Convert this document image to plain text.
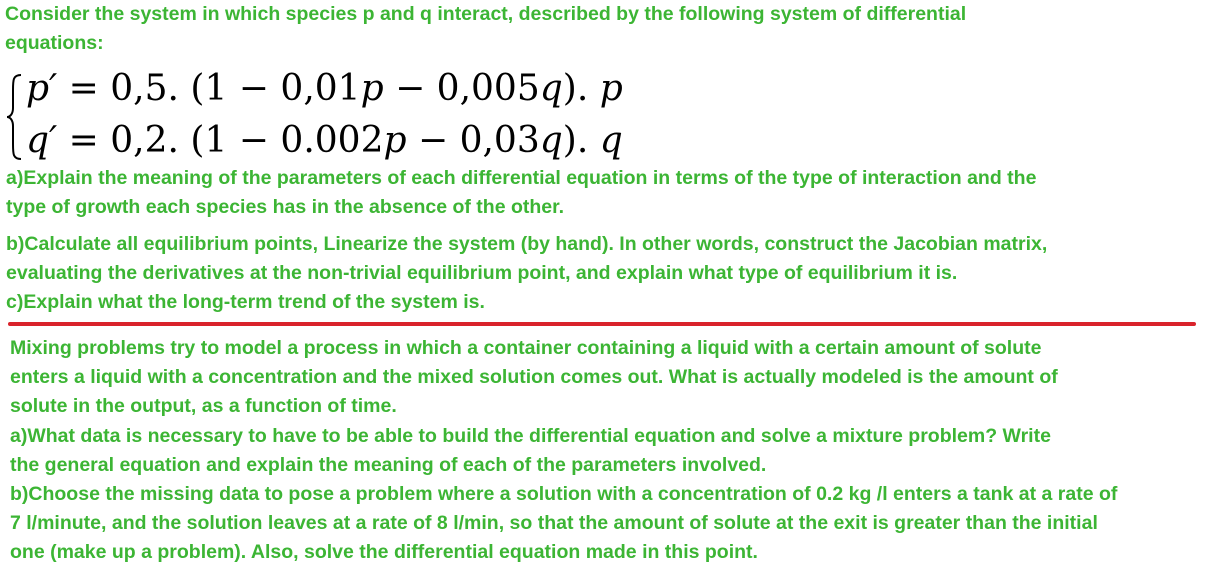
Consider the system in which species p and q interact, described by the following system of differential
equations:
p′ = 0,5. (1 − 0,01p − 0,005q). p
q′ = 0,2. (1 − 0.002p − 0,03q). q
a)Explain the meaning of the parameters of each differential equation in terms of the type of interaction and the
type of growth each species has in the absence of the other.
b)Calculate all equilibrium points, Linearize the system (by hand). In other words, construct the Jacobian matrix,
evaluating the derivatives at the non-trivial equilibrium point, and explain what type of equilibrium it is.
c)Explain what the long-term trend of the system is.
Mixing problems try to model a process in which a container containing a liquid with a certain amount of solute
enters a liquid with a concentration and the mixed solution comes out. What is actually modeled is the amount of
solute in the output, as a function of time.
a)What data is necessary to have to be able to build the differential equation and solve a mixture problem? Write
the general equation and explain the meaning of each of the parameters involved.
b)Choose the missing data to pose a problem where a solution with a concentration of 0.2 kg /l enters a tank at a rate of
7 l/minute, and the solution leaves at a rate of 8 l/min, so that the amount of solute at the exit is greater than the initial
one (make up a problem). Also, solve the differential equation made in this point.
